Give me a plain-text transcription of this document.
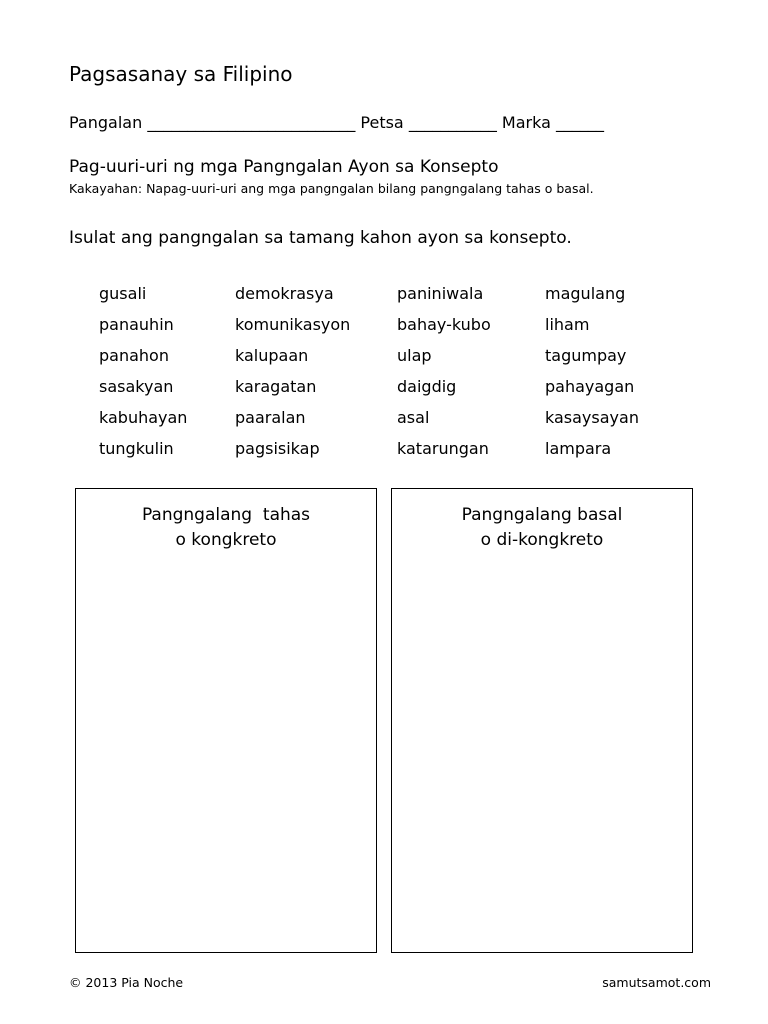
Pagsasanay sa Filipino
Pangalan __________________________ Petsa ___________ Marka ______
Pag-uuri-uri ng mga Pangngalan Ayon sa Konsepto
Kakayahan: Napag-uuri-uri ang mga pangngalan bilang pangngalang tahas o basal.
Isulat ang pangngalan sa tamang kahon ayon sa konsepto.
gusali
panauhin
panahon
sasakyan
kabuhayan
tungkulin
demokrasya
komunikasyon
kalupaan
karagatan
paaralan
pagsisikap
paniniwala
bahay-kubo
ulap
daigdig
asal
katarungan
magulang
liham
tagumpay
pahayagan
kasaysayan
lampara
Pangngalang  tahas
o kongkreto
Pangngalang basal
o di-kongkreto
© 2013 Pia Noche	samutsamot.com
